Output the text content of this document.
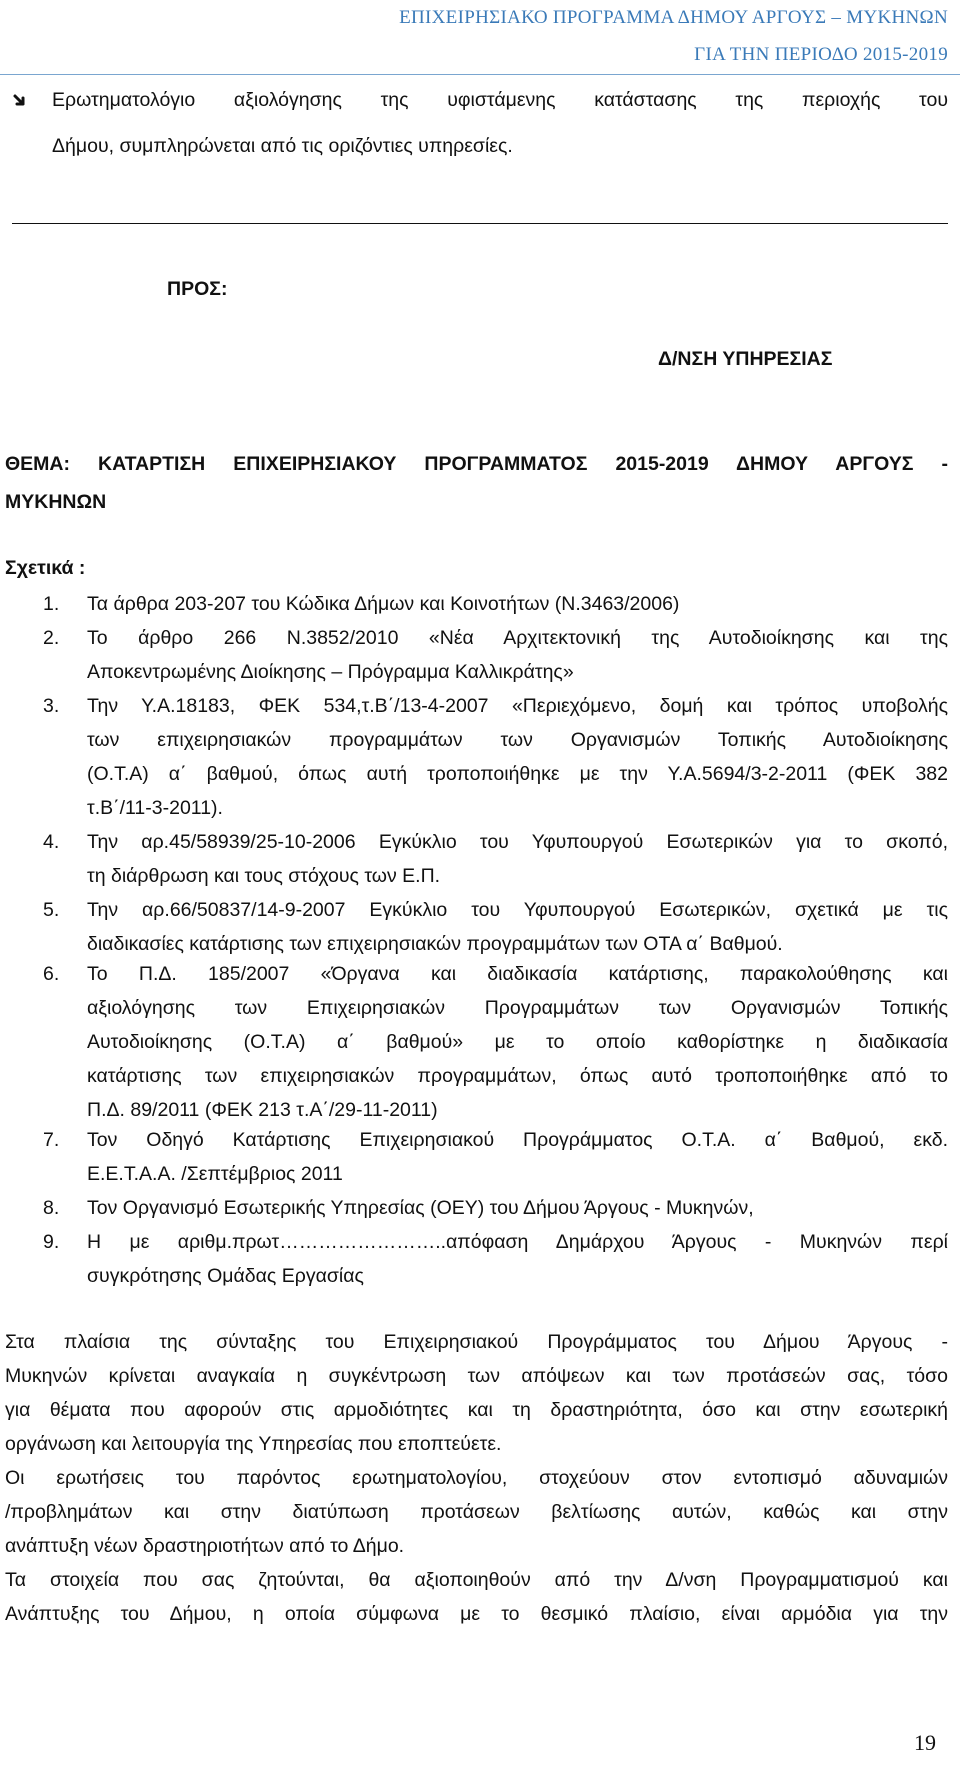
ΕΠΙΧΕΙΡΗΣΙΑΚΟ ΠΡΟΓΡΑΜΜΑ ΔΗΜΟΥ ΑΡΓΟΥΣ – ΜΥΚΗΝΩΝ
ΓΙΑ ΤΗΝ ΠΕΡΙΟΔΟ 2015-2019
Ερωτηματολόγιο αξιολόγησης της υφιστάμενης κατάστασης της περιοχής του
Δήμου, συμπληρώνεται από τις οριζόντιες υπηρεσίες.
ΠΡΟΣ:
Δ/ΝΣΗ ΥΠΗΡΕΣΙΑΣ
ΘΕΜΑ: ΚΑΤΑΡΤΙΣΗ ΕΠΙΧΕΙΡΗΣΙΑΚΟΥ ΠΡΟΓΡΑΜΜΑΤΟΣ 2015-2019 ΔΗΜΟΥ ΑΡΓΟΥΣ -
ΜΥΚΗΝΩΝ
Σχετικά :
1. Τα άρθρα 203-207 του Κώδικα Δήμων και Κοινοτήτων (Ν.3463/2006)
2. Το άρθρο 266 Ν.3852/2010 «Νέα Αρχιτεκτονική της Αυτοδιοίκησης και της
Αποκεντρωμένης Διοίκησης – Πρόγραμμα Καλλικράτης»
3. Την Υ.Α.18183, ΦΕΚ 534,τ.Β΄/13-4-2007 «Περιεχόμενο, δομή και τρόπος υποβολής
των επιχειρησιακών προγραμμάτων των Οργανισμών Τοπικής Αυτοδιοίκησης
(Ο.Τ.Α) α΄ βαθμού, όπως αυτή τροποποιήθηκε με την Υ.Α.5694/3-2-2011 (ΦΕΚ 382
τ.Β΄/11-3-2011).
4. Την αρ.45/58939/25-10-2006 Εγκύκλιο του Υφυπουργού Εσωτερικών για το σκοπό,
τη διάρθρωση και τους στόχους των Ε.Π.
5. Την αρ.66/50837/14-9-2007 Εγκύκλιο του Υφυπουργού Εσωτερικών, σχετικά με τις
διαδικασίες κατάρτισης των επιχειρησιακών προγραμμάτων των ΟΤΑ α΄ Βαθμού.
6. Το Π.Δ. 185/2007 «Όργανα και διαδικασία κατάρτισης, παρακολούθησης και
αξιολόγησης των Επιχειρησιακών Προγραμμάτων των Οργανισμών Τοπικής
Αυτοδιοίκησης (Ο.Τ.Α) α΄ βαθμού» με το οποίο καθορίστηκε η διαδικασία
κατάρτισης των επιχειρησιακών προγραμμάτων, όπως αυτό τροποποιήθηκε από το
Π.Δ. 89/2011 (ΦΕΚ 213 τ.Α΄/29-11-2011)
7. Τον Οδηγό Κατάρτισης Επιχειρησιακού Προγράμματος Ο.Τ.Α. α΄ Βαθμού, εκδ.
Ε.Ε.Τ.Α.Α. /Σεπτέμβριος 2011
8. Τον Οργανισμό Εσωτερικής Υπηρεσίας (ΟΕΥ) του Δήμου Άργους - Μυκηνών,
9. Η με αριθμ.πρωτ……………………..απόφαση Δημάρχου Άργους - Μυκηνών περί
συγκρότησης Ομάδας Εργασίας
Στα πλαίσια της σύνταξης του Επιχειρησιακού Προγράμματος του Δήμου Άργους -
Μυκηνών κρίνεται αναγκαία η συγκέντρωση των απόψεων και των προτάσεών σας, τόσο
για θέματα που αφορούν στις αρμοδιότητες και τη δραστηριότητα, όσο και στην εσωτερική
οργάνωση και λειτουργία της Υπηρεσίας που εποπτεύετε.
Οι ερωτήσεις του παρόντος ερωτηματολογίου, στοχεύουν στον εντοπισμό αδυναμιών
/προβλημάτων και στην διατύπωση προτάσεων βελτίωσης αυτών, καθώς και στην
ανάπτυξη νέων δραστηριοτήτων από το Δήμο.
Τα στοιχεία που σας ζητούνται, θα αξιοποιηθούν από την Δ/νση Προγραμματισμού και
Ανάπτυξης του Δήμου, η οποία σύμφωνα με το θεσμικό πλαίσιο, είναι αρμόδια για την
19
